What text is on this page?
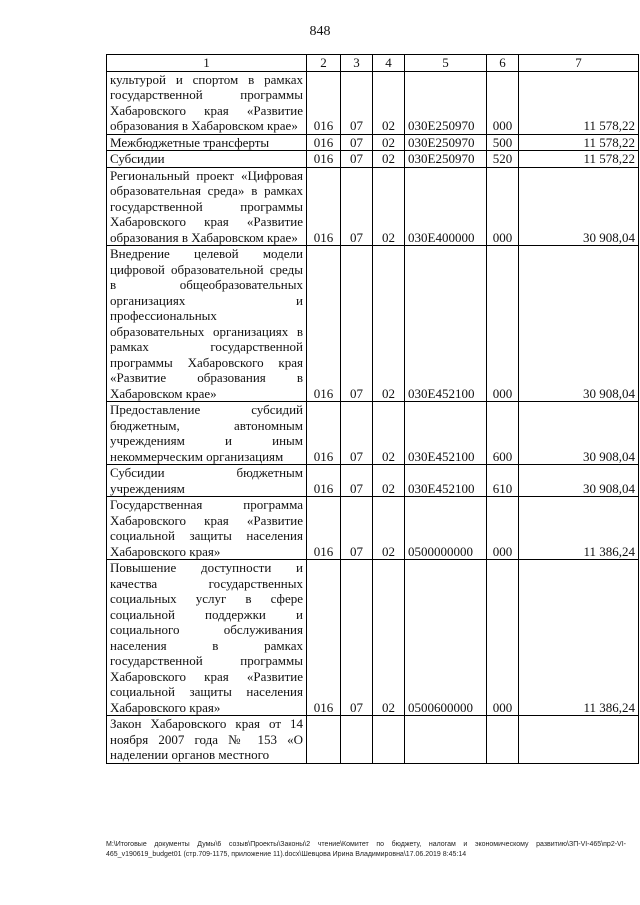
848
1	2	3	4	5	6	7
культурой и спортом в рамках государственной программы Хабаровского края «Развитие образования в Хабаровском крае»	016	07	02	030E250970	000	11 578,22
Межбюджетные трансферты	016	07	02	030E250970	500	11 578,22
Субсидии	016	07	02	030E250970	520	11 578,22
Региональный проект «Цифровая образовательная среда» в рамках государственной программы Хабаровского края «Развитие образования в Хабаровском крае»	016	07	02	030E400000	000	30 908,04
Внедрение целевой модели цифровой образовательной среды в общеобразовательных организациях и профессиональных образовательных организациях в рамках государственной программы Хабаровского края «Развитие образования в Хабаровском крае»	016	07	02	030E452100	000	30 908,04
Предоставление субсидий бюджетным, автономным учреждениям и иным некоммерческим организациям	016	07	02	030E452100	600	30 908,04
Субсидии бюджетным учреждениям	016	07	02	030E452100	610	30 908,04
Государственная программа Хабаровского края «Развитие социальной защиты населения Хабаровского края»	016	07	02	0500000000	000	11 386,24
Повышение доступности и качества государственных социальных услуг в сфере социальной поддержки и социального обслуживания населения в рамках государственной программы Хабаровского края «Развитие социальной защиты населения Хабаровского края»	016	07	02	0500600000	000	11 386,24
Закон Хабаровского края от 14 ноября 2007 года № 153 «О наделении органов местного						
М:\Итоговые документы Думы\6 созыв\Проекты\Законы\2 чтение\Комитет по бюджету, налогам и экономическому развитию\ЗП-VI-465\пр2-VI-465_v190619_budget01 (стр.709-1175, приложение 11).docx\Шевцова Ирина Владимировна\17.06.2019 8:45:14
